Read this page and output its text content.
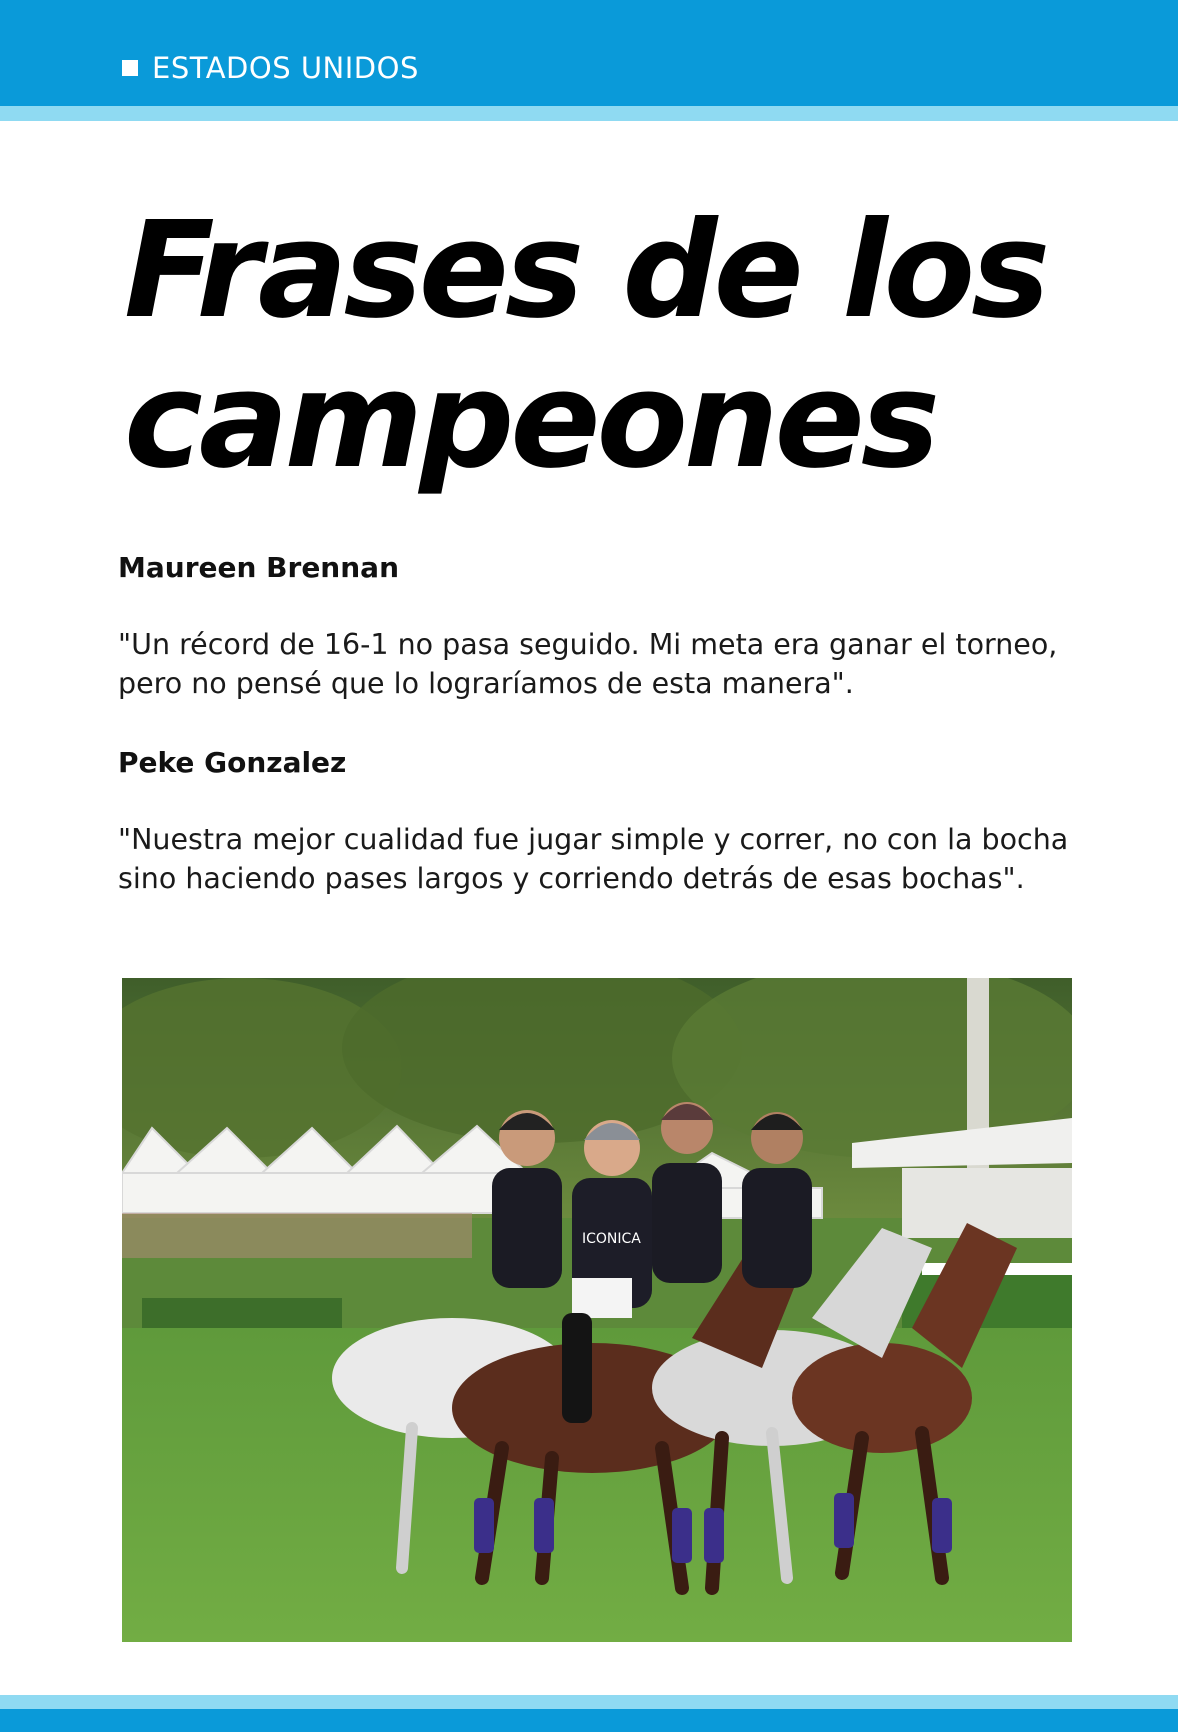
ESTADOS UNIDOS
Frases de los
campeones

Maureen Brennan

"Un récord de 16-1 no pasa seguido. Mi meta era ganar el torneo, pero no pensé que lo lograríamos de esta manera".

Peke Gonzalez

"Nuestra mejor cualidad fue jugar simple y correr, no con la bocha sino haciendo pases largos y corriendo detrás de esas bochas".

ICONICA
